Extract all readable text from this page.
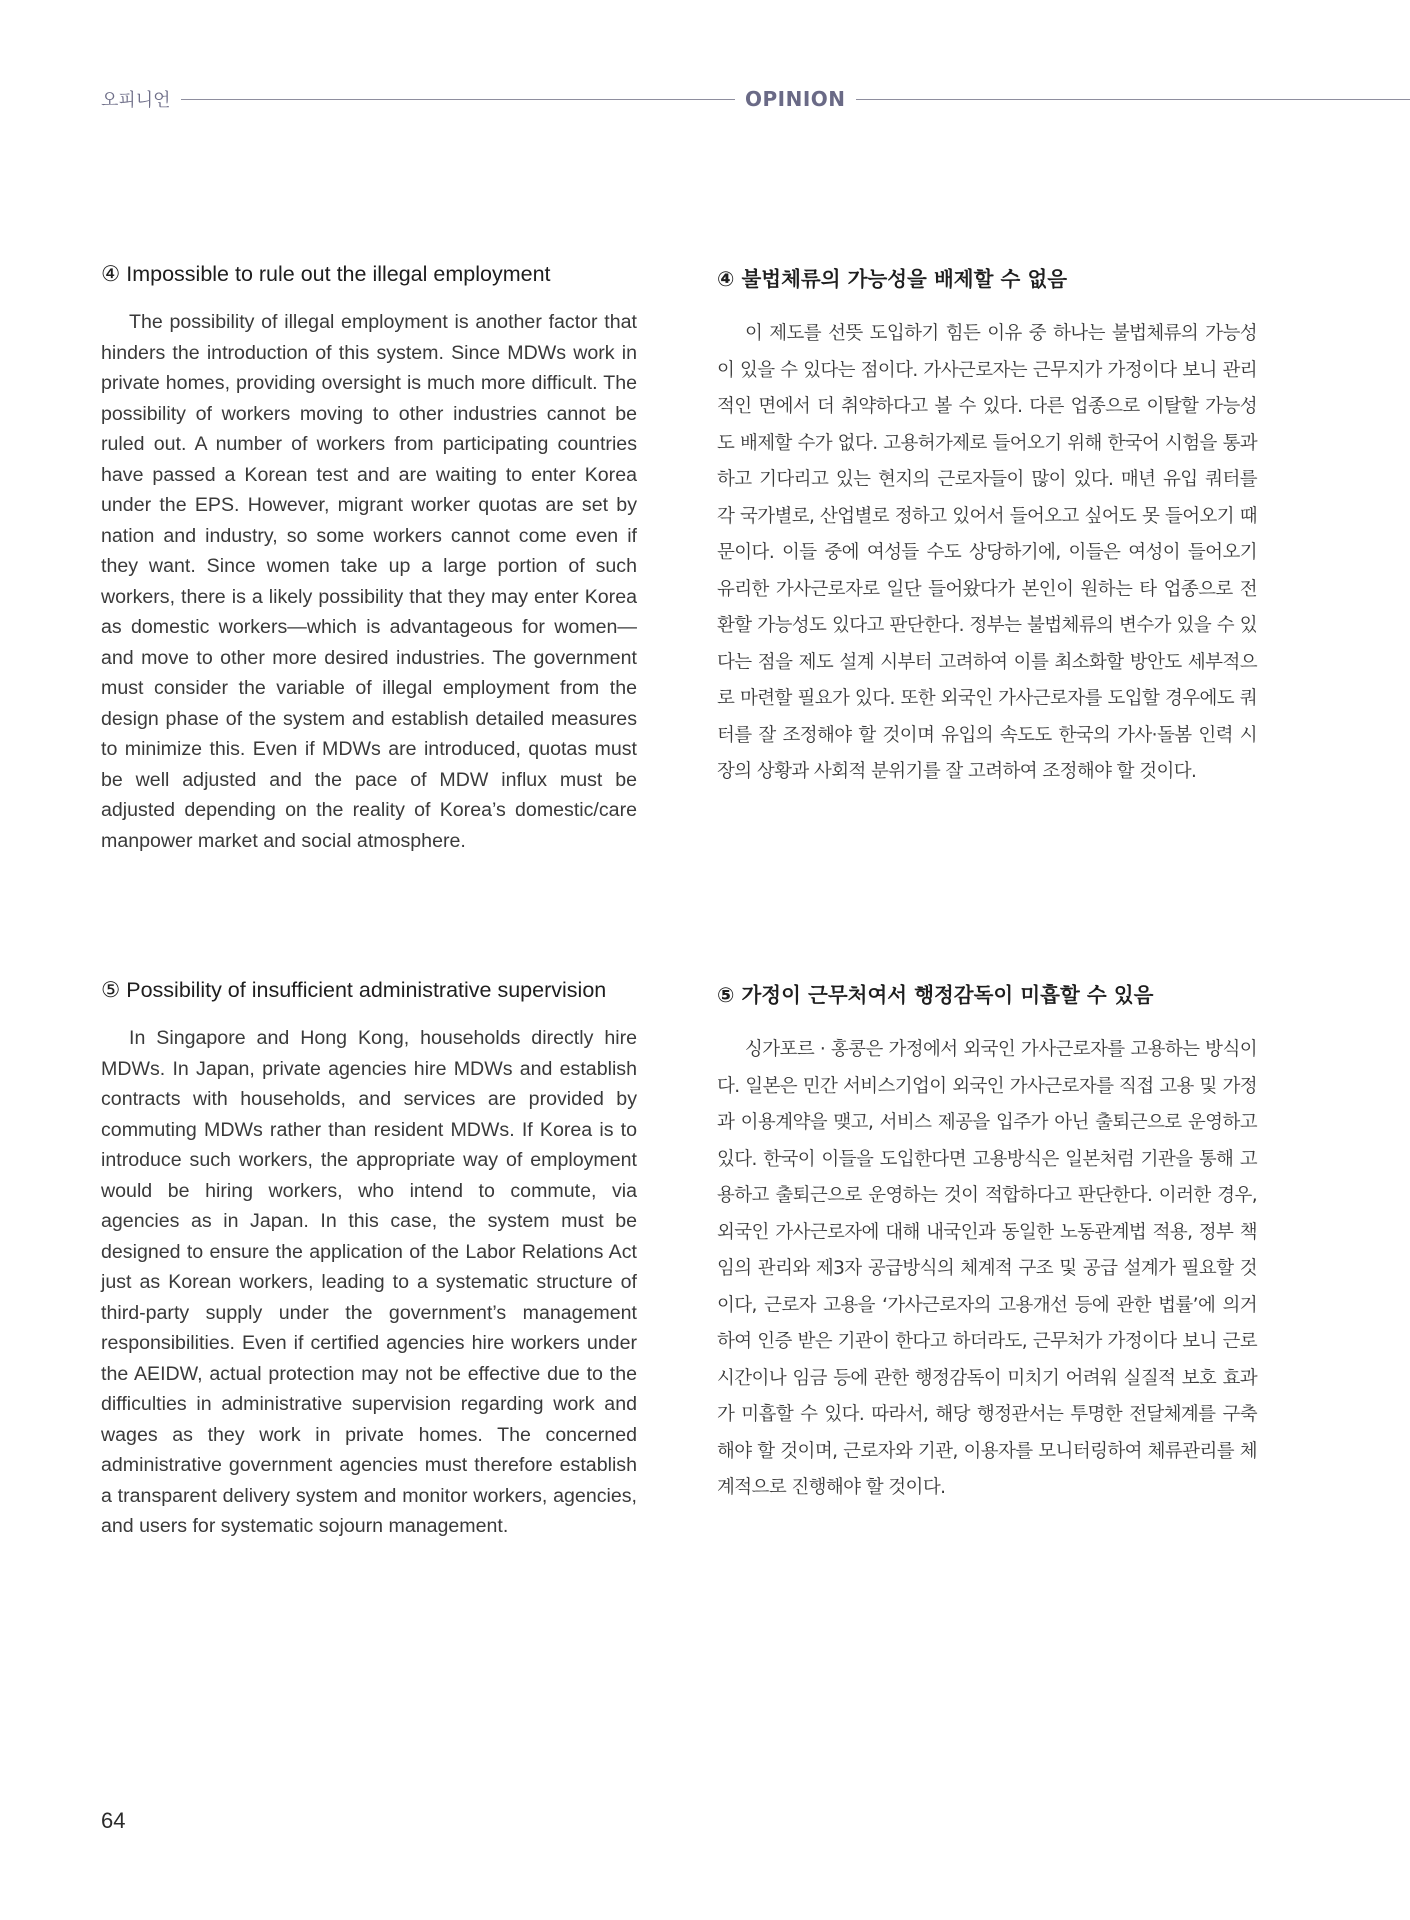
오피니언	OPINION
④ Impossible to rule out the illegal employment

The possibility of illegal employment is another factor that hinders the introduction of this system. Since MDWs work in private homes, providing oversight is much more difficult. The possibility of workers moving to other industries cannot be ruled out. A number of workers from participating countries have passed a Korean test and are waiting to enter Korea under the EPS. However, migrant worker quotas are set by nation and industry, so some workers cannot come even if they want. Since women take up a large portion of such workers, there is a likely possibility that they may enter Korea as domestic workers—which is advantageous for women—and move to other more desired industries. The government must consider the variable of illegal employment from the design phase of the system and establish detailed measures to minimize this. Even if MDWs are introduced, quotas must be well adjusted and the pace of MDW influx must be adjusted depending on the reality of Korea’s domestic/care manpower market and social atmosphere.

④ 불법체류의 가능성을 배제할 수 없음

이 제도를 선뜻 도입하기 힘든 이유 중 하나는 불법체류의 가능성이 있을 수 있다는 점이다. 가사근로자는 근무지가 가정이다 보니 관리적인 면에서 더 취약하다고 볼 수 있다. 다른 업종으로 이탈할 가능성도 배제할 수가 없다. 고용허가제로 들어오기 위해 한국어 시험을 통과하고 기다리고 있는 현지의 근로자들이 많이 있다. 매년 유입 쿼터를 각 국가별로, 산업별로 정하고 있어서 들어오고 싶어도 못 들어오기 때문이다. 이들 중에 여성들 수도 상당하기에, 이들은 여성이 들어오기 유리한 가사근로자로 일단 들어왔다가 본인이 원하는 타 업종으로 전환할 가능성도 있다고 판단한다. 정부는 불법체류의 변수가 있을 수 있다는 점을 제도 설계 시부터 고려하여 이를 최소화할 방안도 세부적으로 마련할 필요가 있다. 또한 외국인 가사근로자를 도입할 경우에도 쿼터를 잘 조정해야 할 것이며 유입의 속도도 한국의 가사·돌봄 인력 시장의 상황과 사회적 분위기를 잘 고려하여 조정해야 할 것이다.

⑤ Possibility of insufficient administrative supervision

In Singapore and Hong Kong, households directly hire MDWs. In Japan, private agencies hire MDWs and establish contracts with households, and services are provided by commuting MDWs rather than resident MDWs. If Korea is to introduce such workers, the appropriate way of employment would be hiring workers, who intend to commute, via agencies as in Japan. In this case, the system must be designed to ensure the application of the Labor Relations Act just as Korean workers, leading to a systematic structure of third-party supply under the government’s management responsibilities. Even if certified agencies hire workers under the AEIDW, actual protection may not be effective due to the difficulties in administrative supervision regarding work and wages as they work in private homes. The concerned administrative government agencies must therefore establish a transparent delivery system and monitor workers, agencies, and users for systematic sojourn management.

⑤ 가정이 근무처여서 행정감독이 미흡할 수 있음

싱가포르 · 홍콩은 가정에서 외국인 가사근로자를 고용하는 방식이다. 일본은 민간 서비스기업이 외국인 가사근로자를 직접 고용 및 가정과 이용계약을 맺고, 서비스 제공을 입주가 아닌 출퇴근으로 운영하고 있다. 한국이 이들을 도입한다면 고용방식은 일본처럼 기관을 통해 고용하고 출퇴근으로 운영하는 것이 적합하다고 판단한다. 이러한 경우, 외국인 가사근로자에 대해 내국인과 동일한 노동관계법 적용, 정부 책임의 관리와 제3자 공급방식의 체계적 구조 및 공급 설계가 필요할 것이다, 근로자 고용을 ‘가사근로자의 고용개선 등에 관한 법률’에 의거하여 인증 받은 기관이 한다고 하더라도, 근무처가 가정이다 보니 근로시간이나 임금 등에 관한 행정감독이 미치기 어려워 실질적 보호 효과가 미흡할 수 있다. 따라서, 해당 행정관서는 투명한 전달체계를 구축해야 할 것이며, 근로자와 기관, 이용자를 모니터링하여 체류관리를 체계적으로 진행해야 할 것이다.

64
